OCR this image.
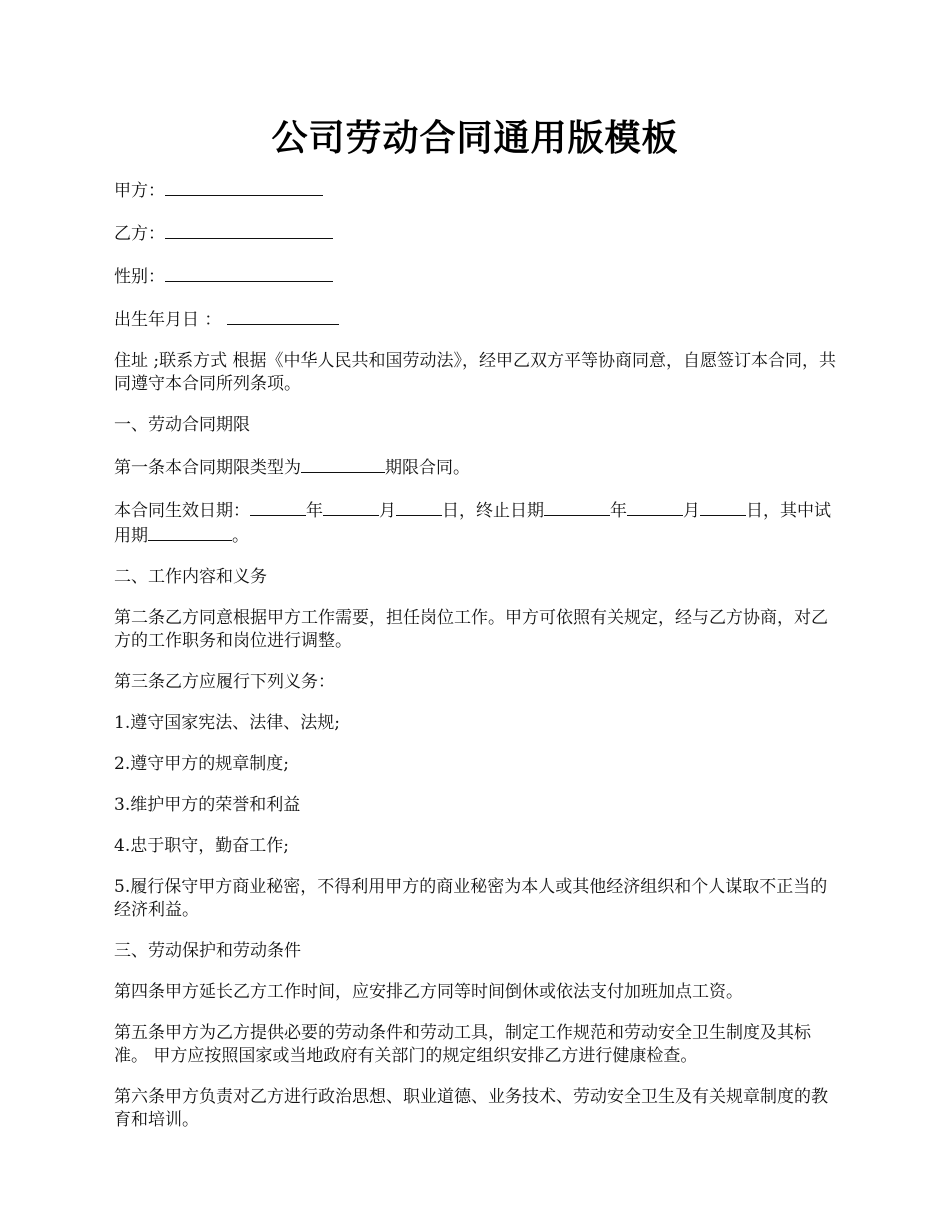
公司劳动合同通用版模板

甲方：

乙方：

性别：

出生年月日 ：

住址 ;联系方式 根据《中华人民共和国劳动法》，经甲乙双方平等协商同意，自愿签订本合同，共同遵守本合同所列条项。

一、劳动合同期限

第一条本合同期限类型为	期限合同。

本合同生效日期：	年	月	日，终止日期	年	月	日，其中试用期	。

二、工作内容和义务

第二条乙方同意根据甲方工作需要，担任岗位工作。甲方可依照有关规定，经与乙方协商，对乙方的工作职务和岗位进行调整。

第三条乙方应履行下列义务：

1.遵守国家宪法、法律、法规;

2.遵守甲方的规章制度;

3.维护甲方的荣誉和利益

4.忠于职守，勤奋工作;

5.履行保守甲方商业秘密，不得利用甲方的商业秘密为本人或其他经济组织和个人谋取不正当的经济利益。

三、劳动保护和劳动条件

第四条甲方延长乙方工作时间，应安排乙方同等时间倒休或依法支付加班加点工资。

第五条甲方为乙方提供必要的劳动条件和劳动工具，制定工作规范和劳动安全卫生制度及其标准。 甲方应按照国家或当地政府有关部门的规定组织安排乙方进行健康检查。

第六条甲方负责对乙方进行政治思想、职业道德、业务技术、劳动安全卫生及有关规章制度的教育和培训。
